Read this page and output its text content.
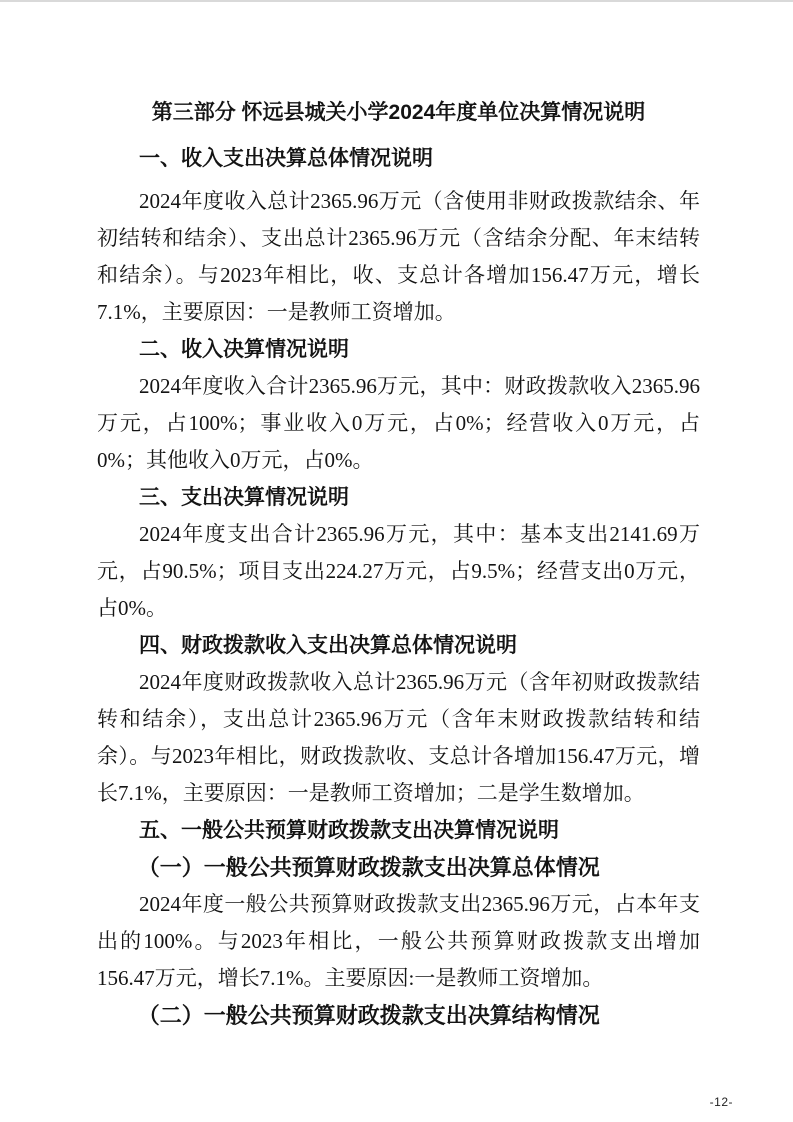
第三部分 怀远县城关小学2024年度单位决算情况说明
一、收入支出决算总体情况说明

2024年度收入总计2365.96万元（含使用非财政拨款结余、年初结转和结余）、支出总计2365.96万元（含结余分配、年末结转和结余）。与2023年相比，收、支总计各增加156.47万元，增长7.1%，主要原因：一是教师工资增加。

二、收入决算情况说明

2024年度收入合计2365.96万元，其中：财政拨款收入2365.96万元，占100%；事业收入0万元，占0%；经营收入0万元，占0%；其他收入0万元，占0%。

三、支出决算情况说明

2024年度支出合计2365.96万元，其中：基本支出2141.69万元，占90.5%；项目支出224.27万元，占9.5%；经营支出0万元，占0%。

四、财政拨款收入支出决算总体情况说明

2024年度财政拨款收入总计2365.96万元（含年初财政拨款结转和结余），支出总计2365.96万元（含年末财政拨款结转和结余）。与2023年相比，财政拨款收、支总计各增加156.47万元，增长7.1%，主要原因：一是教师工资增加；二是学生数增加。

五、一般公共预算财政拨款支出决算情况说明
（一）一般公共预算财政拨款支出决算总体情况

2024年度一般公共预算财政拨款支出2365.96万元，占本年支出的100%。与2023年相比，一般公共预算财政拨款支出增加156.47万元，增长7.1%。主要原因:一是教师工资增加。

（二）一般公共预算财政拨款支出决算结构情况
-12-
